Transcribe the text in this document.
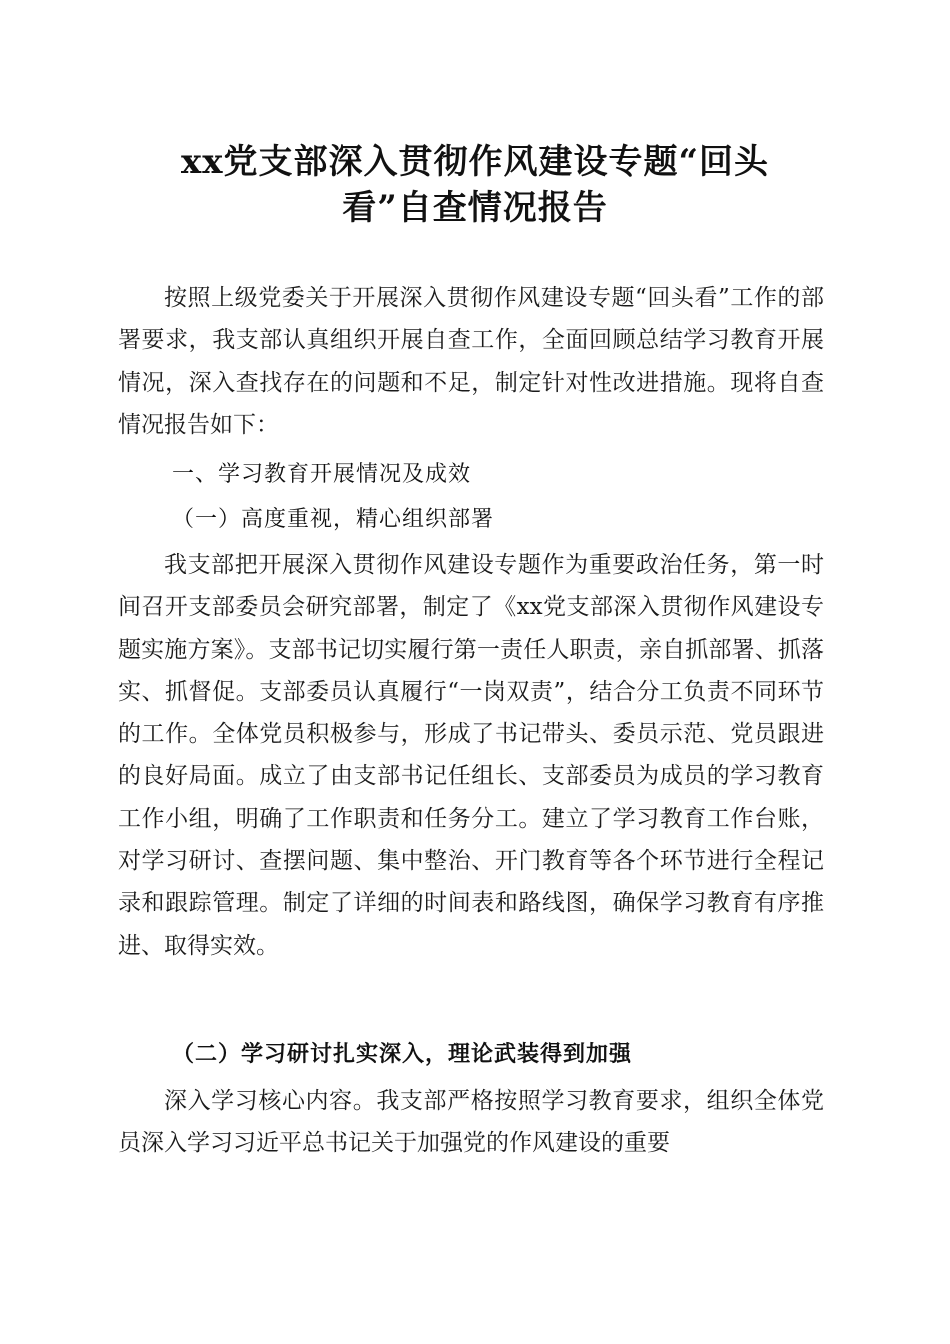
xx党支部深入贯彻作风建设专题“回头
看”自查情况报告

按照上级党委关于开展深入贯彻作风建设专题“回头看”工作的部署要求，我支部认真组织开展自查工作，全面回顾总结学习教育开展情况，深入查找存在的问题和不足，制定针对性改进措施。现将自查情况报告如下：

一、学习教育开展情况及成效
（一）高度重视，精心组织部署

我支部把开展深入贯彻作风建设专题作为重要政治任务，第一时间召开支部委员会研究部署，制定了《xx党支部深入贯彻作风建设专题实施方案》。支部书记切实履行第一责任人职责，亲自抓部署、抓落实、抓督促。支部委员认真履行“一岗双责”，结合分工负责不同环节的工作。全体党员积极参与，形成了书记带头、委员示范、党员跟进的良好局面。成立了由支部书记任组长、支部委员为成员的学习教育工作小组，明确了工作职责和任务分工。建立了学习教育工作台账，对学习研讨、查摆问题、集中整治、开门教育等各个环节进行全程记录和跟踪管理。制定了详细的时间表和路线图，确保学习教育有序推进、取得实效。

（二）学习研讨扎实深入，理论武装得到加强

深入学习核心内容。我支部严格按照学习教育要求，组织全体党员深入学习习近平总书记关于加强党的作风建设的重要
